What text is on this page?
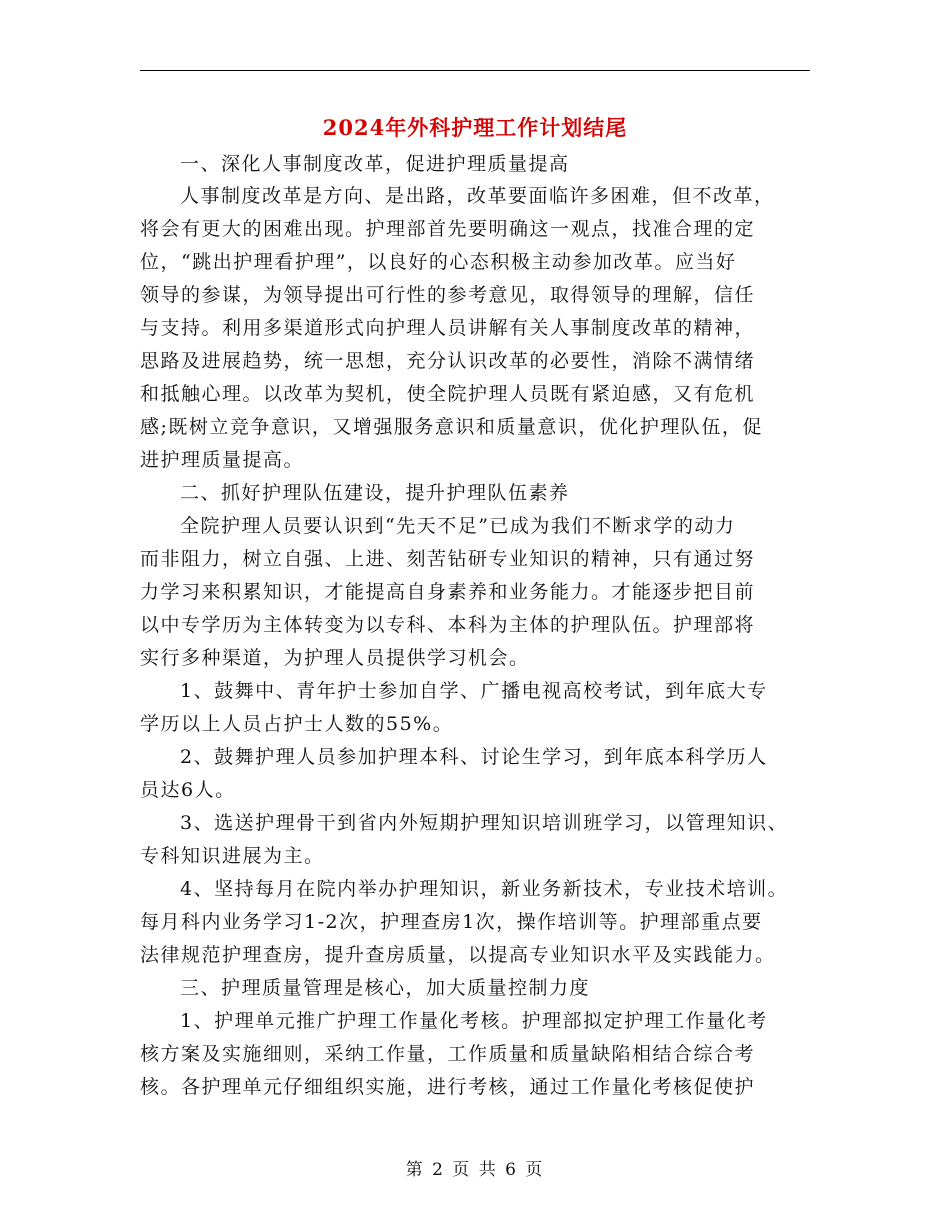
2024年外科护理工作计划结尾

一、深化人事制度改革，促进护理质量提高

人事制度改革是方向、是出路，改革要面临许多困难，但不改革，

将会有更大的困难出现。护理部首先要明确这一观点，找准合理的定

位，“跳出护理看护理”，以良好的心态积极主动参加改革。应当好

领导的参谋，为领导提出可行性的参考意见，取得领导的理解，信任

与支持。利用多渠道形式向护理人员讲解有关人事制度改革的精神，

思路及进展趋势，统一思想，充分认识改革的必要性，消除不满情绪

和抵触心理。以改革为契机，使全院护理人员既有紧迫感，又有危机

感;既树立竞争意识，又增强服务意识和质量意识，优化护理队伍，促

进护理质量提高。

二、抓好护理队伍建设，提升护理队伍素养

全院护理人员要认识到“先天不足”已成为我们不断求学的动力

而非阻力，树立自强、上进、刻苦钻研专业知识的精神，只有通过努

力学习来积累知识，才能提高自身素养和业务能力。才能逐步把目前

以中专学历为主体转变为以专科、本科为主体的护理队伍。护理部将

实行多种渠道，为护理人员提供学习机会。

1、鼓舞中、青年护士参加自学、广播电视高校考试，到年底大专

学历以上人员占护士人数的55%。

2、鼓舞护理人员参加护理本科、讨论生学习，到年底本科学历人

员达6人。

3、选送护理骨干到省内外短期护理知识培训班学习，以管理知识、

专科知识进展为主。

4、坚持每月在院内举办护理知识，新业务新技术，专业技术培训。

每月科内业务学习1-2次，护理查房1次，操作培训等。护理部重点要

法律规范护理查房，提升查房质量，以提高专业知识水平及实践能力。

三、护理质量管理是核心，加大质量控制力度

1、护理单元推广护理工作量化考核。护理部拟定护理工作量化考

核方案及实施细则，采纳工作量，工作质量和质量缺陷相结合综合考

核。各护理单元仔细组织实施，进行考核，通过工作量化考核促使护

第 2 页 共 6 页
